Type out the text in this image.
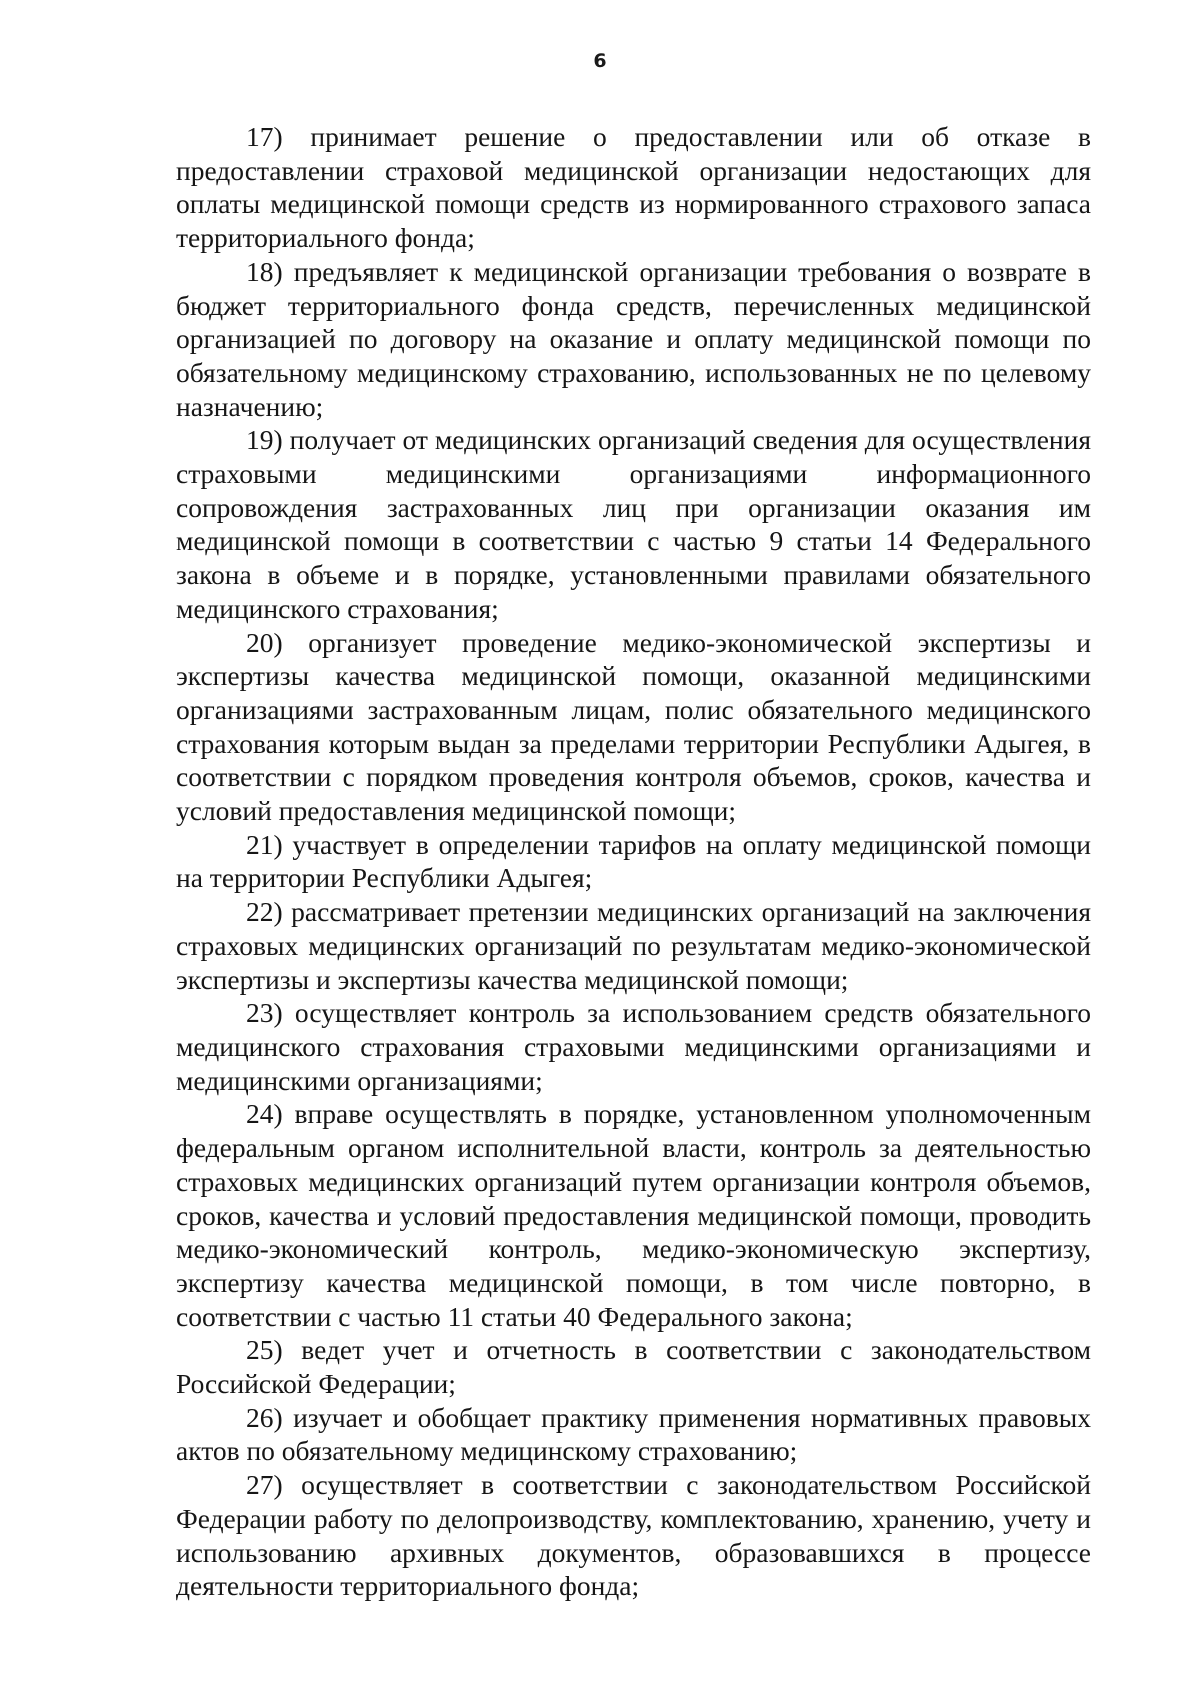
6

17) принимает решение о предоставлении или об отказе в предоставлении страховой медицинской организации недостающих для оплаты медицинской помощи средств из нормированного страхового запаса территориального фонда;

18) предъявляет к медицинской организации требования о возврате в бюджет территориального фонда средств, перечисленных медицинской организацией по договору на оказание и оплату медицинской помощи по обязательному медицинскому страхованию, использованных не по целевому назначению;

19) получает от медицинских организаций сведения для осуществления страховыми медицинскими организациями информационного сопровождения застрахованных лиц при организации оказания им медицинской помощи в соответствии с частью 9 статьи 14 Федерального закона в объеме и в порядке, установленными правилами обязательного медицинского страхования;

20) организует проведение медико-экономической экспертизы и экспертизы качества медицинской помощи, оказанной медицинскими организациями застрахованным лицам, полис обязательного медицинского страхования которым выдан за пределами территории Республики Адыгея, в соответствии с порядком проведения контроля объемов, сроков, качества и условий предоставления медицинской помощи;

21) участвует в определении тарифов на оплату медицинской помощи на территории Республики Адыгея;

22) рассматривает претензии медицинских организаций на заключения страховых медицинских организаций по результатам медико-экономической экспертизы и экспертизы качества медицинской помощи;

23) осуществляет контроль за использованием средств обязательного медицинского страхования страховыми медицинскими организациями и медицинскими организациями;

24) вправе осуществлять в порядке, установленном уполномоченным федеральным органом исполнительной власти, контроль за деятельностью страховых медицинских организаций путем организации контроля объемов, сроков, качества и условий предоставления медицинской помощи, проводить медико-экономический контроль, медико-экономическую экспертизу, экспертизу качества медицинской помощи, в том числе повторно, в соответствии с частью 11 статьи 40 Федерального закона;

25) ведет учет и отчетность в соответствии с законодательством Российской Федерации;

26) изучает и обобщает практику применения нормативных правовых актов по обязательному медицинскому страхованию;

27) осуществляет в соответствии с законодательством Российской Федерации работу по делопроизводству, комплектованию, хранению, учету и использованию архивных документов, образовавшихся в процессе деятельности территориального фонда;
